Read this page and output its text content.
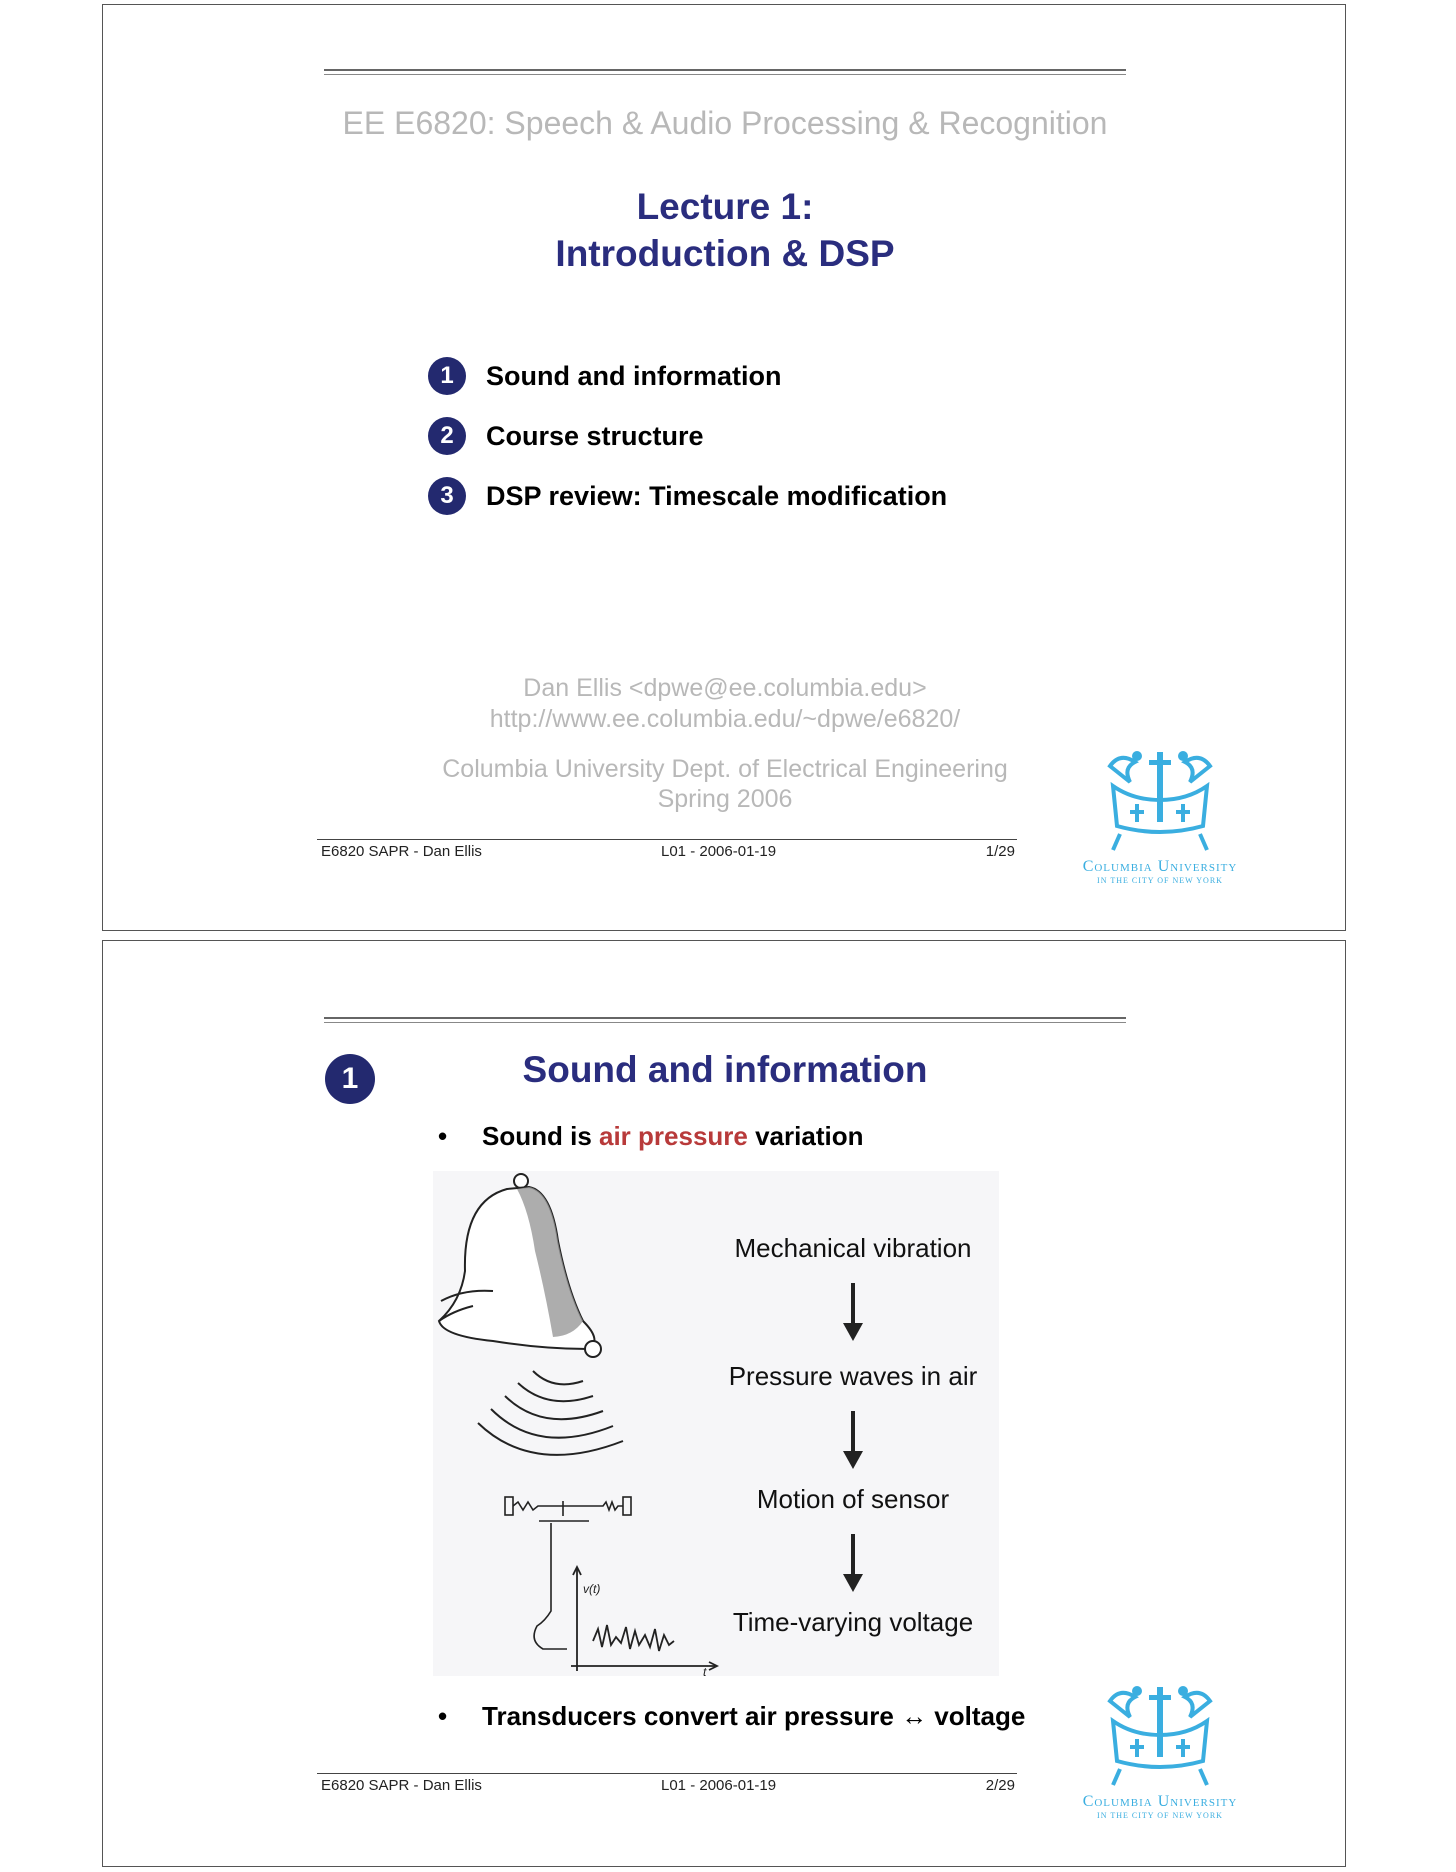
EE E6820: Speech & Audio Processing & Recognition
Lecture 1:
Introduction & DSP
1	Sound and information
2	Course structure
3	DSP review: Timescale modification
Dan Ellis <dpwe@ee.columbia.edu>
http://www.ee.columbia.edu/~dpwe/e6820/
Columbia University Dept. of Electrical Engineering
Spring 2006
E6820 SAPR - Dan Ellis	L01 - 2006-01-19	1/29
Columbia University
IN THE CITY OF NEW YORK
1	Sound and information
• Sound is air pressure variation
v(t)
t
Mechanical vibration
Pressure waves in air
Motion of sensor
Time-varying voltage
• Transducers convert air pressure ↔ voltage
E6820 SAPR - Dan Ellis	L01 - 2006-01-19	2/29
Columbia University
IN THE CITY OF NEW YORK
